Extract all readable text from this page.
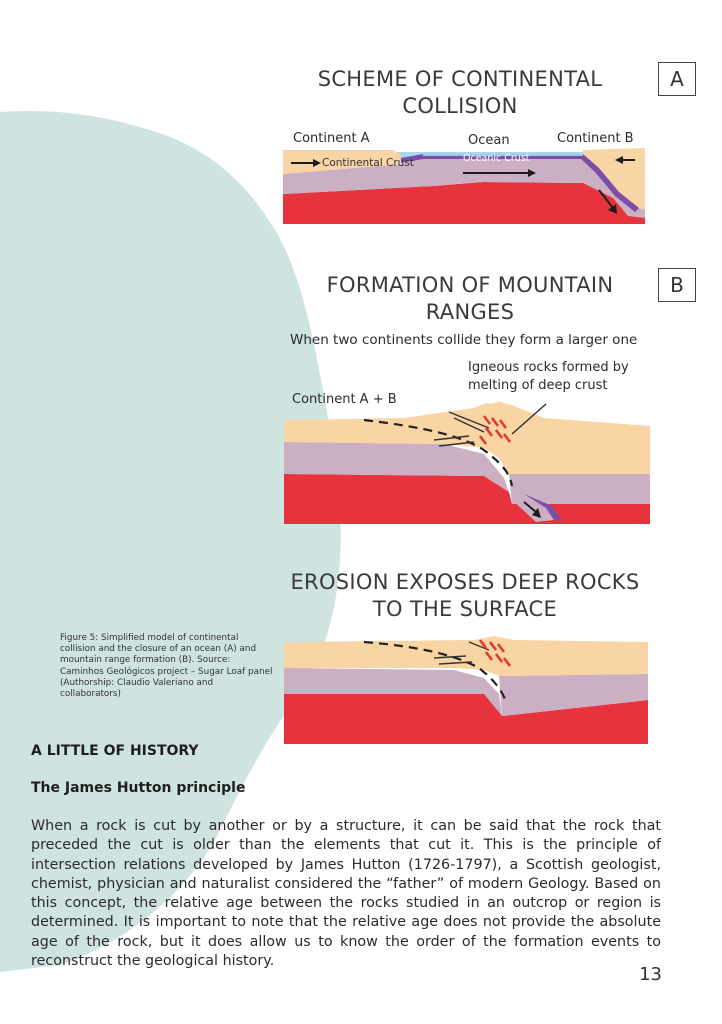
SCHEME OF CONTINENTAL COLLISION
A
Continent A	Ocean	Continent B
Continental Crust	Oceanic Crust
FORMATION OF MOUNTAIN RANGES
B
When two continents collide they form a larger one
Igneous rocks formed by melting of deep crust
Continent A + B
EROSION EXPOSES DEEP ROCKS TO THE SURFACE
Figure 5: Simplified model of continental collision and the closure of an ocean (A) and mountain range formation (B). Source: Caminhos Geológicos project – Sugar Loaf panel (Authorship: Claudio Valeriano and collaborators)
A LITTLE OF HISTORY
The James Hutton principle
When a rock is cut by another or by a structure, it can be said that the rock that preceded the cut is older than the elements that cut it. This is the principle of intersection relations developed by James Hutton (1726-1797), a Scottish geologist, chemist, physician and naturalist considered the “father” of modern Geology. Based on this concept, the relative age between the rocks studied in an outcrop or region is determined. It is important to note that the relative age does not provide the absolute age of the rock, but it does allow us to know the order of the formation events to reconstruct the geological history.
13
